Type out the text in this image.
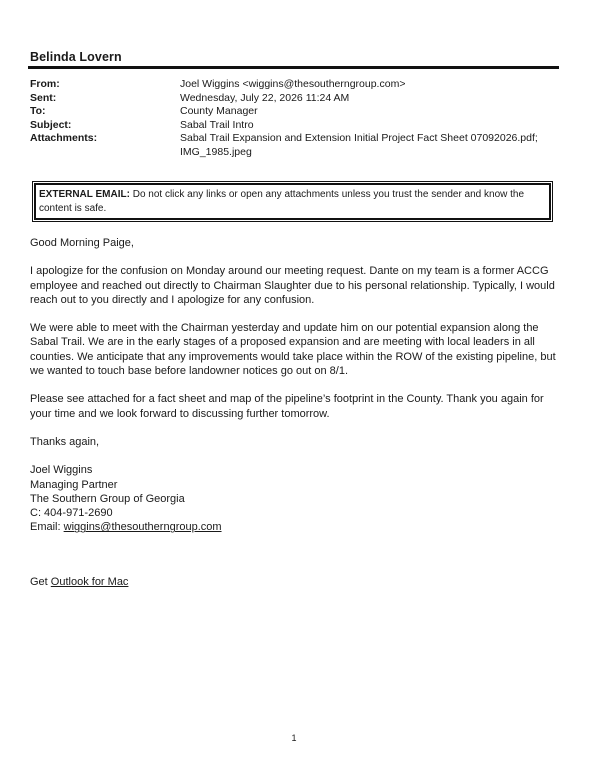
Belinda Lovern
From:	Joel Wiggins <wiggins@thesoutherngroup.com>
Sent:	Wednesday, July 22, 2026 11:24 AM
To:	County Manager
Subject:	Sabal Trail Intro
Attachments:	Sabal Trail Expansion and Extension Initial Project Fact Sheet 07092026.pdf; IMG_1985.jpeg
EXTERNAL EMAIL: Do not click any links or open any attachments unless you trust the sender and know the content is safe.

Good Morning Paige,

I apologize for the confusion on Monday around our meeting request. Dante on my team is a former ACCG employee and reached out directly to Chairman Slaughter due to his personal relationship. Typically, I would reach out to you directly and I apologize for any confusion.

We were able to meet with the Chairman yesterday and update him on our potential expansion along the Sabal Trail. We are in the early stages of a proposed expansion and are meeting with local leaders in all counties. We anticipate that any improvements would take place within the ROW of the existing pipeline, but we wanted to touch base before landowner notices go out on 8/1.

Please see attached for a fact sheet and map of the pipeline’s footprint in the County. Thank you again for your time and we look forward to discussing further tomorrow.

Thanks again,

Joel Wiggins

Managing Partner

The Southern Group of Georgia

C: 404-971-2690

Email: wiggins@thesoutherngroup.com

Get Outlook for Mac
1
